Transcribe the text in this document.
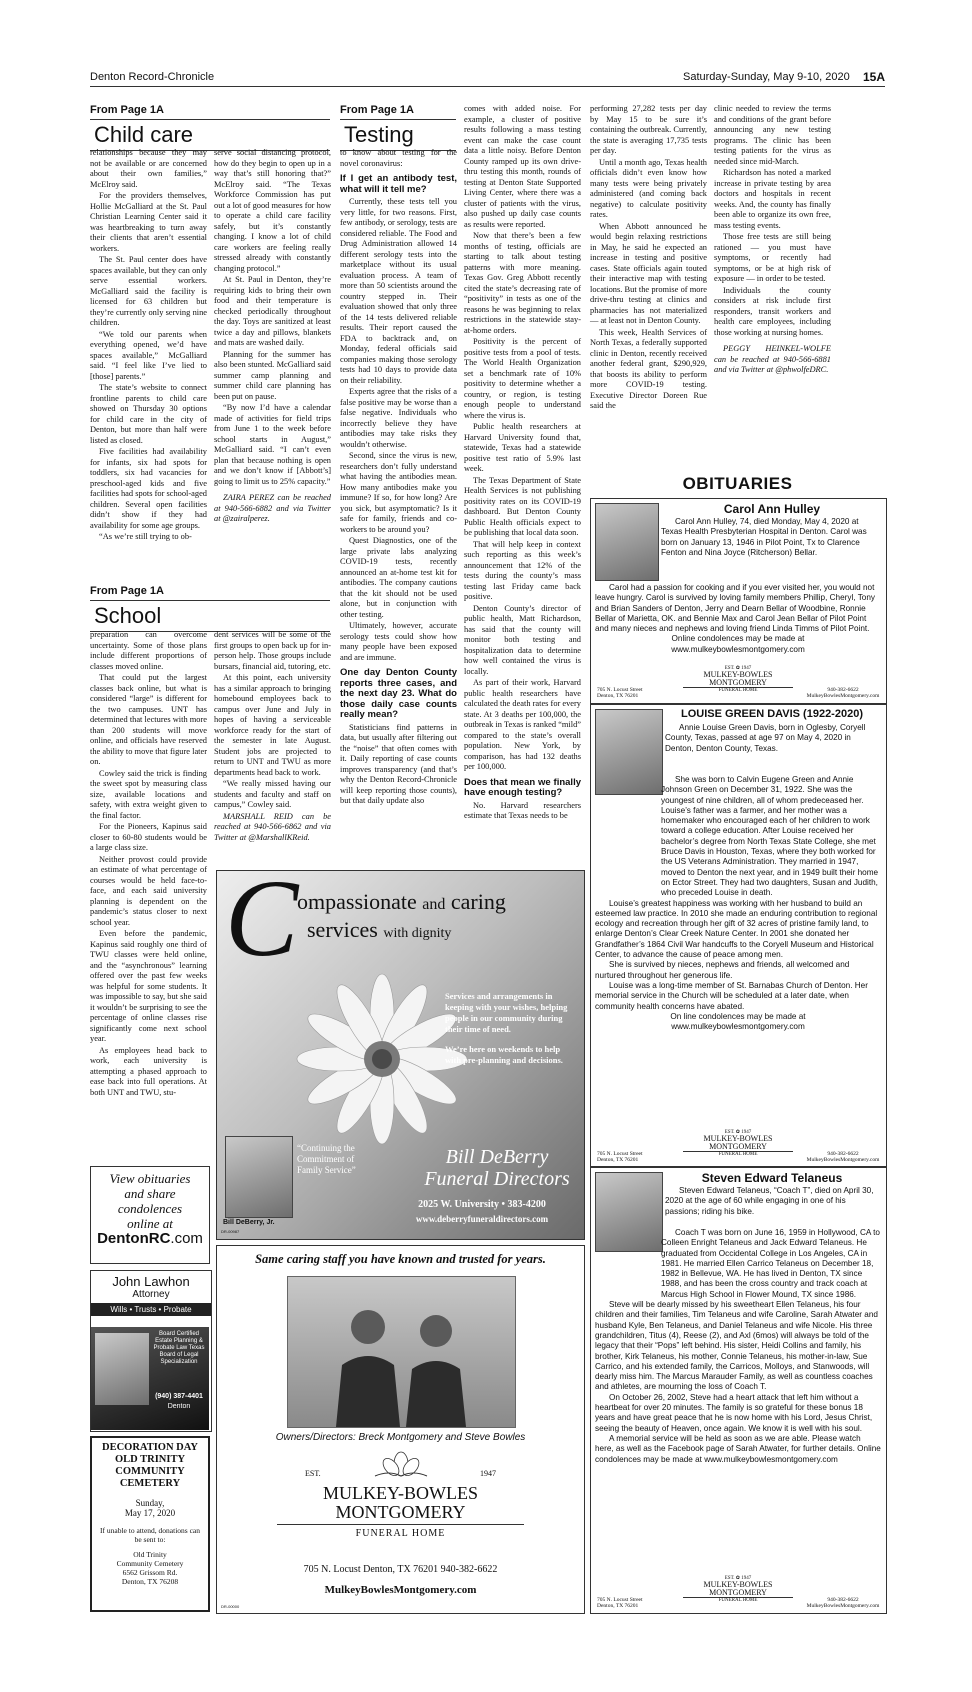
Denton Record-Chronicle	Saturday-Sunday, May 9-10, 2020 15A
From Page 1A
Child care

relationships because they may not be available or are concerned about their own families,” McElroy said.

For the providers themselves, Hollie McGalliard at the St. Paul Christian Learning Center said it was heartbreaking to turn away their clients that aren’t essential workers.

The St. Paul center does have spaces available, but they can only serve essential workers. McGalliard said the facility is licensed for 63 children but they’re currently only serving nine children.

“We told our parents when everything opened, we’d have spaces available,” McGalliard said. “I feel like I’ve lied to [those] parents.”

The state’s website to connect frontline parents to child care showed on Thursday 30 options for child care in the city of Denton, but more than half were listed as closed.

Five facilities had availability for infants, six had spots for toddlers, six had vacancies for preschool-aged kids and five facilities had spots for school-aged children. Several open facilities didn’t show if they had availability for some age groups.

“As we’re still trying to ob-

serve social distancing protocol, how do they begin to open up in a way that’s still honoring that?” McElroy said. “The Texas Workforce Commission has put out a lot of good measures for how to operate a child care facility safely, but it’s constantly changing. I know a lot of child care workers are feeling really stressed already with constantly changing protocol.”

At St. Paul in Denton, they’re requiring kids to bring their own food and their temperature is checked periodically throughout the day. Toys are sanitized at least twice a day and pillows, blankets and mats are washed daily.

Planning for the summer has also been stunted. McGalliard said summer camp planning and summer child care planning has been put on pause.

“By now I’d have a calendar made of activities for field trips from June 1 to the week before school starts in August,” McGalliard said. “I can’t even plan that because nothing is open and we don’t know if [Abbott’s] going to limit us to 25% capacity.”

ZAIRA PEREZ can be reached at 940-566-6882 and via Twitter at @zairalperez.

From Page 1A
School

preparation can overcome uncertainty. Some of those plans include different proportions of classes moved online.

That could put the largest classes back online, but what is considered “large” is different for the two campuses. UNT has determined that lectures with more than 200 students will move online, and officials have reserved the ability to move that figure later on.

Cowley said the trick is finding the sweet spot by measuring class size, available locations and safety, with extra weight given to the final factor.

For the Pioneers, Kapinus said closer to 60-80 students would be a large class size.

Neither provost could provide an estimate of what percentage of courses would be held face-to-face, and each said university planning is dependent on the pandemic’s status closer to next school year.

Even before the pandemic, Kapinus said roughly one third of TWU classes were held online, and the “asynchronous” learning offered over the past few weeks was helpful for some students. It was impossible to say, but she said it wouldn’t be surprising to see the percentage of online classes rise significantly come next school year.

As employees head back to work, each university is attempting a phased approach to ease back into full operations. At both UNT and TWU, stu-

dent services will be some of the first groups to open back up for in-person help. Those groups include bursars, financial aid, tutoring, etc.

At this point, each university has a similar approach to bringing homebound employees back to campus over June and July in hopes of having a serviceable workforce ready for the start of the semester in late August. Student jobs are projected to return to UNT and TWU as more departments head back to work.

“We really missed having our students and faculty and staff on campus,” Cowley said.

MARSHALL REID can be reached at 940-566-6862 and via Twitter at @MarshallKReid.

From Page 1A
Testing

to know about testing for the novel coronavirus:

If I get an antibody test, what will it tell me?

Currently, these tests tell you very little, for two reasons. First, few antibody, or serology, tests are considered reliable. The Food and Drug Administration allowed 14 different serology tests into the marketplace without its usual evaluation process. A team of more than 50 scientists around the country stepped in. Their evaluation showed that only three of the 14 tests delivered reliable results. Their report caused the FDA to backtrack and, on Monday, federal officials said companies making those serology tests had 10 days to provide data on their reliability.

Experts agree that the risks of a false positive may be worse than a false negative. Individuals who incorrectly believe they have antibodies may take risks they wouldn’t otherwise.

Second, since the virus is new, researchers don’t fully understand what having the antibodies mean. How many antibodies make you immune? If so, for how long? Are you sick, but asymptomatic? Is it safe for family, friends and co-workers to be around you?

Quest Diagnostics, one of the large private labs analyzing COVID-19 tests, recently announced an at-home test kit for antibodies. The company cautions that the kit should not be used alone, but in conjunction with other testing.

Ultimately, however, accurate serology tests could show how many people have been exposed and are immune.

One day Denton County reports three cases, and the next day 23. What do those daily case counts really mean?

Statisticians find patterns in data, but usually after filtering out the “noise” that often comes with it. Daily reporting of case counts improves transparency (and that’s why the Denton Record-Chronicle will keep reporting those counts), but that daily update also

comes with added noise. For example, a cluster of positive results following a mass testing event can make the case count data a little noisy. Before Denton County ramped up its own drive-thru testing this month, rounds of testing at Denton State Supported Living Center, where there was a cluster of patients with the virus, also pushed up daily case counts as results were reported.

Now that there’s been a few months of testing, officials are starting to talk about testing patterns with more meaning. Texas Gov. Greg Abbott recently cited the state’s decreasing rate of “positivity” in tests as one of the reasons he was beginning to relax restrictions in the statewide stay-at-home orders.

Positivity is the percent of positive tests from a pool of tests. The World Health Organization set a benchmark rate of 10% positivity to determine whether a country, or region, is testing enough people to understand where the virus is.

Public health researchers at Harvard University found that, statewide, Texas had a statewide positive test ratio of 5.9% last week.

The Texas Department of State Health Services is not publishing positivity rates on its COVID-19 dashboard. But Denton County Public Health officials expect to be publishing that local data soon.

That will help keep in context such reporting as this week’s announcement that 12% of the tests during the county’s mass testing last Friday came back positive.

Denton County’s director of public health, Matt Richardson, has said that the county will monitor both testing and hospitalization data to determine how well contained the virus is locally.

As part of their work, Harvard public health researchers have calculated the death rates for every state. At 3 deaths per 100,000, the outbreak in Texas is ranked “mild” compared to the state’s overall population. New York, by comparison, has had 132 deaths per 100,000.

Does that mean we finally have enough testing?

No. Harvard researchers estimate that Texas needs to be

performing 27,282 tests per day by May 15 to be sure it’s containing the outbreak. Currently, the state is averaging 17,735 tests per day.

Until a month ago, Texas health officials didn’t even know how many tests were being privately administered (and coming back negative) to calculate positivity rates.

When Abbott announced he would begin relaxing restrictions in May, he said he expected an increase in testing and positive cases. State officials again touted their interactive map with testing locations. But the promise of more drive-thru testing at clinics and pharmacies has not materialized — at least not in Denton County.

This week, Health Services of North Texas, a federally supported clinic in Denton, recently received another federal grant, $290,929, that boosts its ability to perform more COVID-19 testing. Executive Director Doreen Rue said the

clinic needed to review the terms and conditions of the grant before announcing any new testing programs. The clinic has been testing patients for the virus as needed since mid-March.

Richardson has noted a marked increase in private testing by area doctors and hospitals in recent weeks. And, the county has finally been able to organize its own free, mass testing events.

Those free tests are still being rationed — you must have symptoms, or recently had symptoms, or be at high risk of exposure — in order to be tested.

Individuals the county considers at risk include first responders, transit workers and health care employees, including those working at nursing homes.

PEGGY HEINKEL-WOLFE can be reached at 940-566-6881 and via Twitter at @phwolfeDRC.

OBITUARIES
Carol Ann Hulley

Carol Ann Hulley, 74, died Monday, May 4, 2020 at Texas Health Presbyterian Hospital in Denton. Carol was born on January 13, 1946 in Pilot Point, Tx to Clarence Fenton and Nina Joyce (Ritcherson) Bellar.

Carol had a passion for cooking and if you ever visited her, you would not leave hungry. Carol is survived by loving family members Phillip, Cheryl, Tony and Brian Sanders of Denton, Jerry and Dearn Bellar of Woodbine, Ronnie Bellar of Marietta, OK. and Bennie Max and Carol Jean Bellar of Pilot Point and many nieces and nephews and loving friend Linda Timms of Pilot Point.

Online condolences may be made at www.mulkeybowlesmontgomery.com
705 N. Locust Street
Denton, TX 76201
EST. ✿ 1947
MULKEY-BOWLES
MONTGOMERY
FUNERAL HOME	940-382-6622
MulkeyBowlesMontgomery.com
LOUISE GREEN DAVIS (1922-2020)

Annie Louise Green Davis, born in Oglesby, Coryell County, Texas, passed at age 97 on May 4, 2020 in Denton, Denton County, Texas.

She was born to Calvin Eugene Green and Annie Johnson Green on December 31, 1922. She was the youngest of nine children, all of whom predeceased her. Louise’s father was a farmer, and her mother was a homemaker who encouraged each of her children to work toward a college education. After Louise received her bachelor’s degree from North Texas State College, she met Bruce Davis in Houston, Texas, where they both worked for the US Veterans Administration. They married in 1947, moved to Denton the next year, and in 1949 built their home on Ector Street. They had two daughters, Susan and Judith, who preceded Louise in death.

Louise’s greatest happiness was working with her husband to build an esteemed law practice. In 2010 she made an enduring contribution to regional ecology and recreation through her gift of 32 acres of pristine family land, to enlarge Denton’s Clear Creek Nature Center. In 2001 she donated her Grandfather’s 1864 Civil War handcuffs to the Coryell Museum and Historical Center, to advance the cause of peace among men.

She is survived by nieces, nephews and friends, all welcomed and nurtured throughout her generous life.

Louise was a long-time member of St. Barnabas Church of Denton. Her memorial service in the Church will be scheduled at a later date, when community health concerns have abated.

On line condolences may be made at www.mulkeybowlesmontgomery.com
705 N. Locust Street
Denton, TX 76201
EST. ✿ 1947
MULKEY-BOWLES
MONTGOMERY
FUNERAL HOME	940-382-6622
MulkeyBowlesMontgomery.com
Steven Edward Telaneus

Steven Edward Telaneus, “Coach T”, died on April 30, 2020 at the age of 60 while engaging in one of his passions; riding his bike.

Coach T was born on June 16, 1959 in Hollywood, CA to Colleen Enright Telaneus and Jack Edward Telaneus. He graduated from Occidental College in Los Angeles, CA in 1981. He married Ellen Carrico Telaneus on December 18, 1982 in Bellevue, WA. He has lived in Denton, TX since 1988, and has been the cross country and track coach at Marcus High School in Flower Mound, TX since 1986.

Steve will be dearly missed by his sweetheart Ellen Telaneus, his four children and their families, Tim Telaneus and wife Caroline, Sarah Atwater and husband Kyle, Ben Telaneus, and Daniel Telaneus and wife Nicole. His three grandchildren, Titus (4), Reese (2), and Axl (6mos) will always be told of the legacy that their “Pops” left behind. His sister, Heidi Collins and family, his brother, Kirk Telaneus, his mother, Connie Telaneus, his mother-in-law, Sue Carrico, and his extended family, the Carricos, Molloys, and Stanwoods, will dearly miss him. The Marcus Marauder Family, as well as countless coaches and athletes, are mourning the loss of Coach T.

On October 26, 2002, Steve had a heart attack that left him without a heartbeat for over 20 minutes. The family is so grateful for these bonus 18 years and have great peace that he is now home with his Lord, Jesus Christ, seeing the beauty of Heaven, once again. We know it is well with his soul.

A memorial service will be held as soon as we are able. Please watch here, as well as the Facebook page of Sarah Atwater, for further details. Online condolences may be made at www.mulkeybowlesmontgomery.com

705 N. Locust Street
Denton, TX 76201
EST. ✿ 1947
MULKEY-BOWLES
MONTGOMERY
FUNERAL HOME	940-382-6622
MulkeyBowlesMontgomery.com
C
ompassionate and caring
services with dignity
Services and arrangements in keeping with your wishes, helping people in our community during their time of need.
We’re here on weekends to help with pre-planning and decisions.
Bill DeBerry, Jr.
“Continuing the Commitment of Family Service”
Bill DeBerry
Funeral Directors
2025 W. University • 383-4200
www.deberryfuneraldirectors.com
DR-00987
View obituaries
and share
condolences
online at
DentonRC.com
John Lawhon
Attorney
Wills • Trusts • Probate
Board Certified Estate Planning & Probate Law Texas Board of Legal Specialization
(940) 387-4401
Denton
DECORATION DAY
OLD TRINITY
COMMUNITY
CEMETERY
Sunday,
May 17, 2020
If unable to attend, donations can be sent to:
Old Trinity
Community Cemetery
6562 Grissom Rd.
Denton, TX 76208
Same caring staff you have known and trusted for years.
Owners/Directors: Breck Montgomery and Steve Bowles
EST.	1947
MULKEY-BOWLES
MONTGOMERY
FUNERAL HOME
705 N. Locust Denton, TX 76201 940-382-6622
MulkeyBowlesMontgomery.com
DR-00000
